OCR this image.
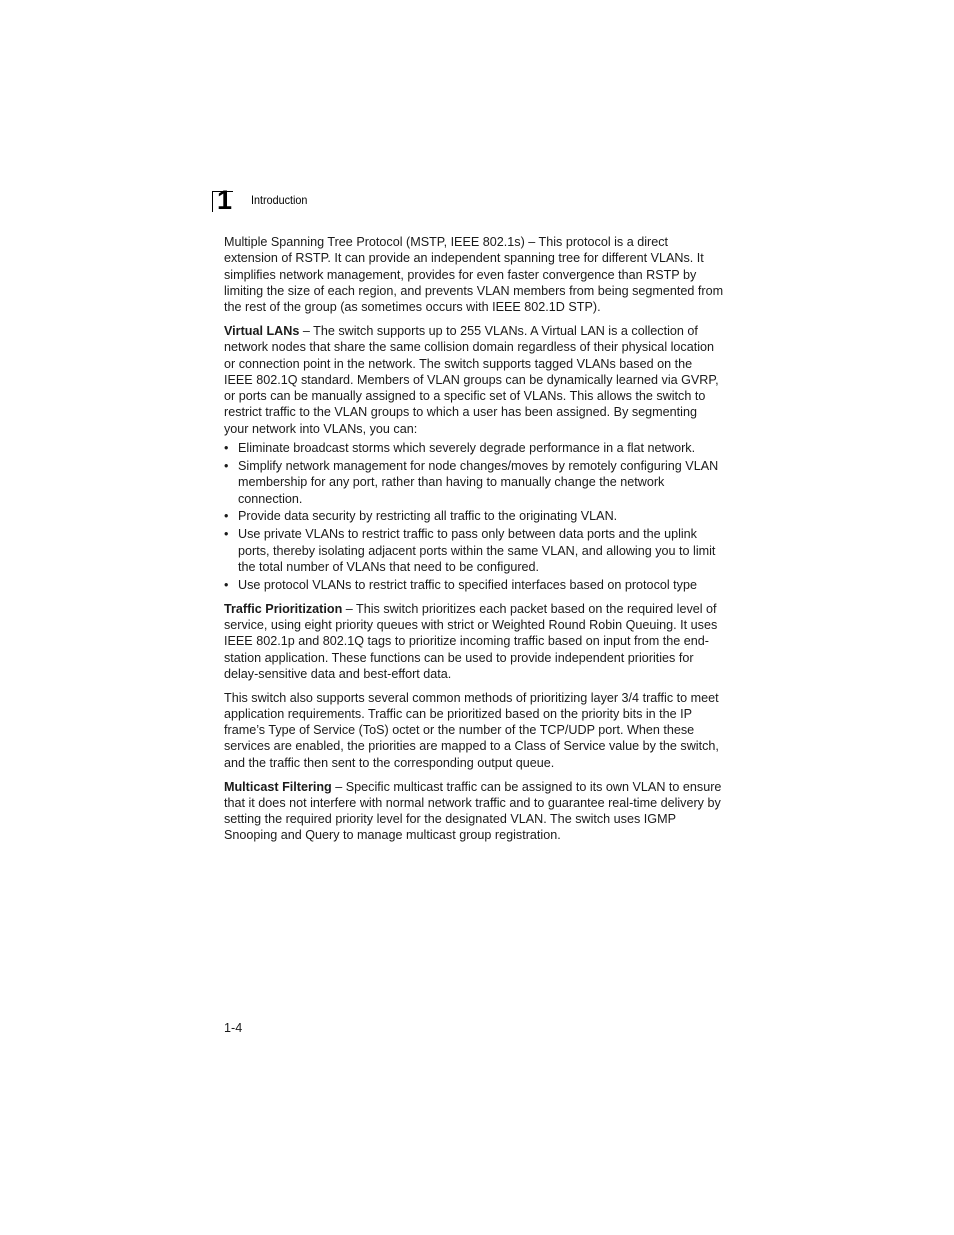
1 Introduction

Multiple Spanning Tree Protocol (MSTP, IEEE 802.1s) – This protocol is a direct extension of RSTP. It can provide an independent spanning tree for different VLANs. It simplifies network management, provides for even faster convergence than RSTP by limiting the size of each region, and prevents VLAN members from being segmented from the rest of the group (as sometimes occurs with IEEE 802.1D STP).

Virtual LANs – The switch supports up to 255 VLANs. A Virtual LAN is a collection of network nodes that share the same collision domain regardless of their physical location or connection point in the network. The switch supports tagged VLANs based on the IEEE 802.1Q standard. Members of VLAN groups can be dynamically learned via GVRP, or ports can be manually assigned to a specific set of VLANs. This allows the switch to restrict traffic to the VLAN groups to which a user has been assigned. By segmenting your network into VLANs, you can:

• Eliminate broadcast storms which severely degrade performance in a flat network.
• Simplify network management for node changes/moves by remotely configuring VLAN membership for any port, rather than having to manually change the network connection.
• Provide data security by restricting all traffic to the originating VLAN.
• Use private VLANs to restrict traffic to pass only between data ports and the uplink ports, thereby isolating adjacent ports within the same VLAN, and allowing you to limit the total number of VLANs that need to be configured.
• Use protocol VLANs to restrict traffic to specified interfaces based on protocol type

Traffic Prioritization – This switch prioritizes each packet based on the required level of service, using eight priority queues with strict or Weighted Round Robin Queuing. It uses IEEE 802.1p and 802.1Q tags to prioritize incoming traffic based on input from the end-station application. These functions can be used to provide independent priorities for delay-sensitive data and best-effort data.

This switch also supports several common methods of prioritizing layer 3/4 traffic to meet application requirements. Traffic can be prioritized based on the priority bits in the IP frame’s Type of Service (ToS) octet or the number of the TCP/UDP port. When these services are enabled, the priorities are mapped to a Class of Service value by the switch, and the traffic then sent to the corresponding output queue.

Multicast Filtering – Specific multicast traffic can be assigned to its own VLAN to ensure that it does not interfere with normal network traffic and to guarantee real-time delivery by setting the required priority level for the designated VLAN. The switch uses IGMP Snooping and Query to manage multicast group registration.

1-4
